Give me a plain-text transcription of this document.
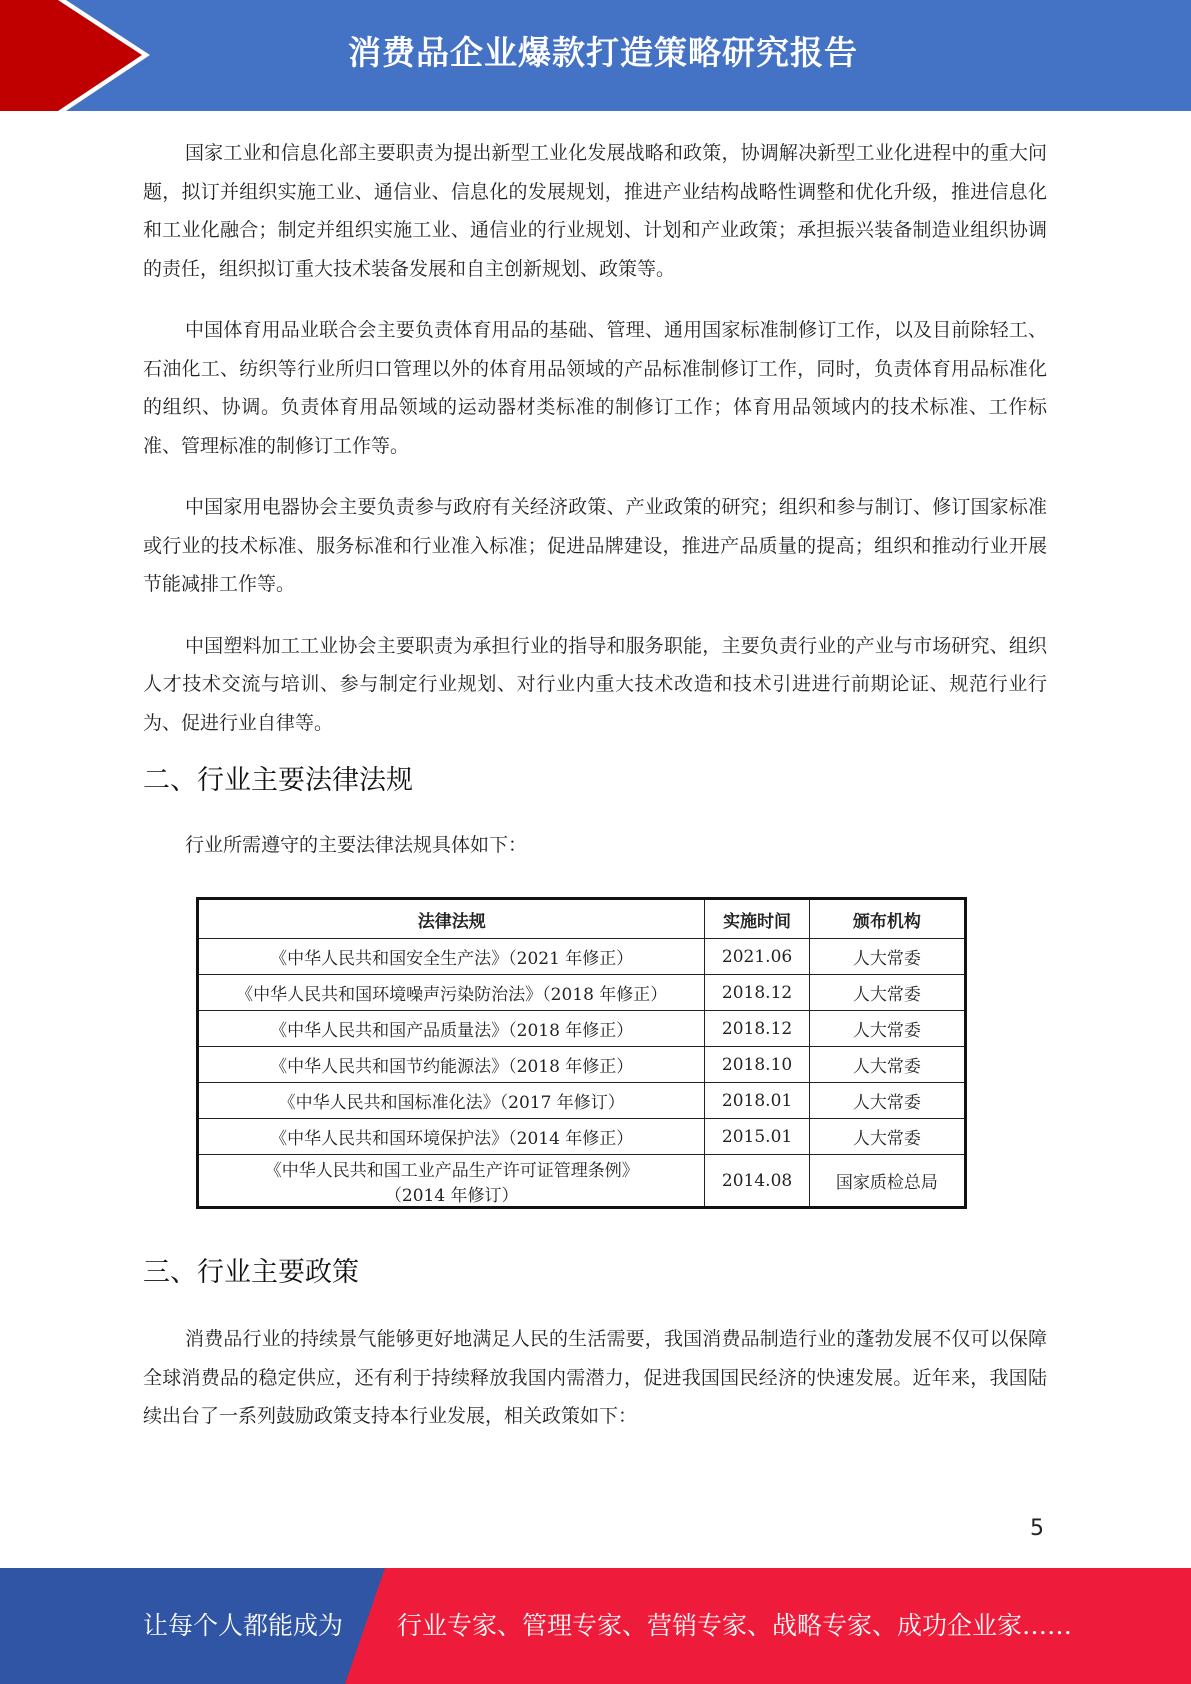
消费品企业爆款打造策略研究报告

国家工业和信息化部主要职责为提出新型工业化发展战略和政策，协调解决新型工业化进程中的重大问题，拟订并组织实施工业、通信业、信息化的发展规划，推进产业结构战略性调整和优化升级，推进信息化和工业化融合；制定并组织实施工业、通信业的行业规划、计划和产业政策；承担振兴装备制造业组织协调的责任，组织拟订重大技术装备发展和自主创新规划、政策等。

中国体育用品业联合会主要负责体育用品的基础、管理、通用国家标准制修订工作，以及目前除轻工、石油化工、纺织等行业所归口管理以外的体育用品领域的产品标准制修订工作，同时，负责体育用品标准化的组织、协调。负责体育用品领域的运动器材类标准的制修订工作；体育用品领域内的技术标准、工作标准、管理标准的制修订工作等。

中国家用电器协会主要负责参与政府有关经济政策、产业政策的研究；组织和参与制订、修订国家标准或行业的技术标准、服务标准和行业准入标准；促进品牌建设，推进产品质量的提高；组织和推动行业开展节能减排工作等。

中国塑料加工工业协会主要职责为承担行业的指导和服务职能，主要负责行业的产业与市场研究、组织人才技术交流与培训、参与制定行业规划、对行业内重大技术改造和技术引进进行前期论证、规范行业行为、促进行业自律等。

二、行业主要法律法规

行业所需遵守的主要法律法规具体如下：

法律法规	实施时间	颁布机构
《中华人民共和国安全生产法》（2021 年修正）	2021.06	人大常委
《中华人民共和国环境噪声污染防治法》（2018 年修正）	2018.12	人大常委
《中华人民共和国产品质量法》（2018 年修正）	2018.12	人大常委
《中华人民共和国节约能源法》（2018 年修正）	2018.10	人大常委
《中华人民共和国标准化法》（2017 年修订）	2018.01	人大常委
《中华人民共和国环境保护法》（2014 年修正）	2015.01	人大常委

《中华人民共和国工业产品生产许可证管理条例》
（2014 年修订）	2014.08	国家质检总局
三、行业主要政策

消费品行业的持续景气能够更好地满足人民的生活需要，我国消费品制造行业的蓬勃发展不仅可以保障全球消费品的稳定供应，还有利于持续释放我国内需潜力，促进我国国民经济的快速发展。近年来，我国陆续出台了一系列鼓励政策支持本行业发展，相关政策如下：

5
让每个人都能成为 行业专家、管理专家、营销专家、战略专家、成功企业家……
